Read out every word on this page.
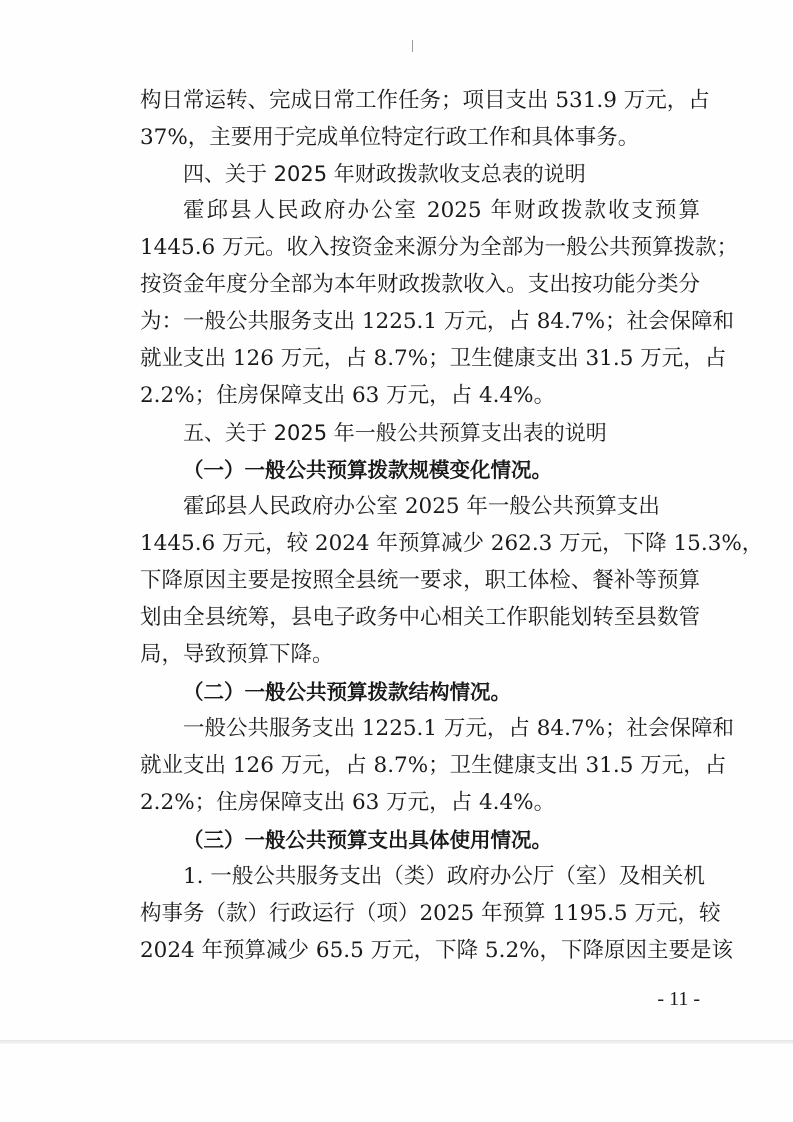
构日常运转、完成日常工作任务；项目支出 531.9 万元，占
37%，主要用于完成单位特定行政工作和具体事务。
四、关于 2025 年财政拨款收支总表的说明
霍邱县人民政府办公室 2025 年财政拨款收支预算
1445.6 万元。收入按资金来源分为全部为一般公共预算拨款；
按资金年度分全部为本年财政拨款收入。支出按功能分类分
为：一般公共服务支出 1225.1 万元，占 84.7%；社会保障和
就业支出 126 万元，占 8.7%；卫生健康支出 31.5 万元，占
2.2%；住房保障支出 63 万元，占 4.4%。
五、关于 2025 年一般公共预算支出表的说明
（一）一般公共预算拨款规模变化情况。
霍邱县人民政府办公室 2025 年一般公共预算支出
1445.6 万元，较 2024 年预算减少 262.3 万元，下降 15.3%，
下降原因主要是按照全县统一要求，职工体检、餐补等预算
划由全县统筹，县电子政务中心相关工作职能划转至县数管
局，导致预算下降。
（二）一般公共预算拨款结构情况。
一般公共服务支出 1225.1 万元，占 84.7%；社会保障和
就业支出 126 万元，占 8.7%；卫生健康支出 31.5 万元，占
2.2%；住房保障支出 63 万元，占 4.4%。
（三）一般公共预算支出具体使用情况。
1. 一般公共服务支出（类）政府办公厅（室）及相关机
构事务（款）行政运行（项）2025 年预算 1195.5 万元，较
2024 年预算减少 65.5 万元，下降 5.2%，下降原因主要是该
- 11 -
